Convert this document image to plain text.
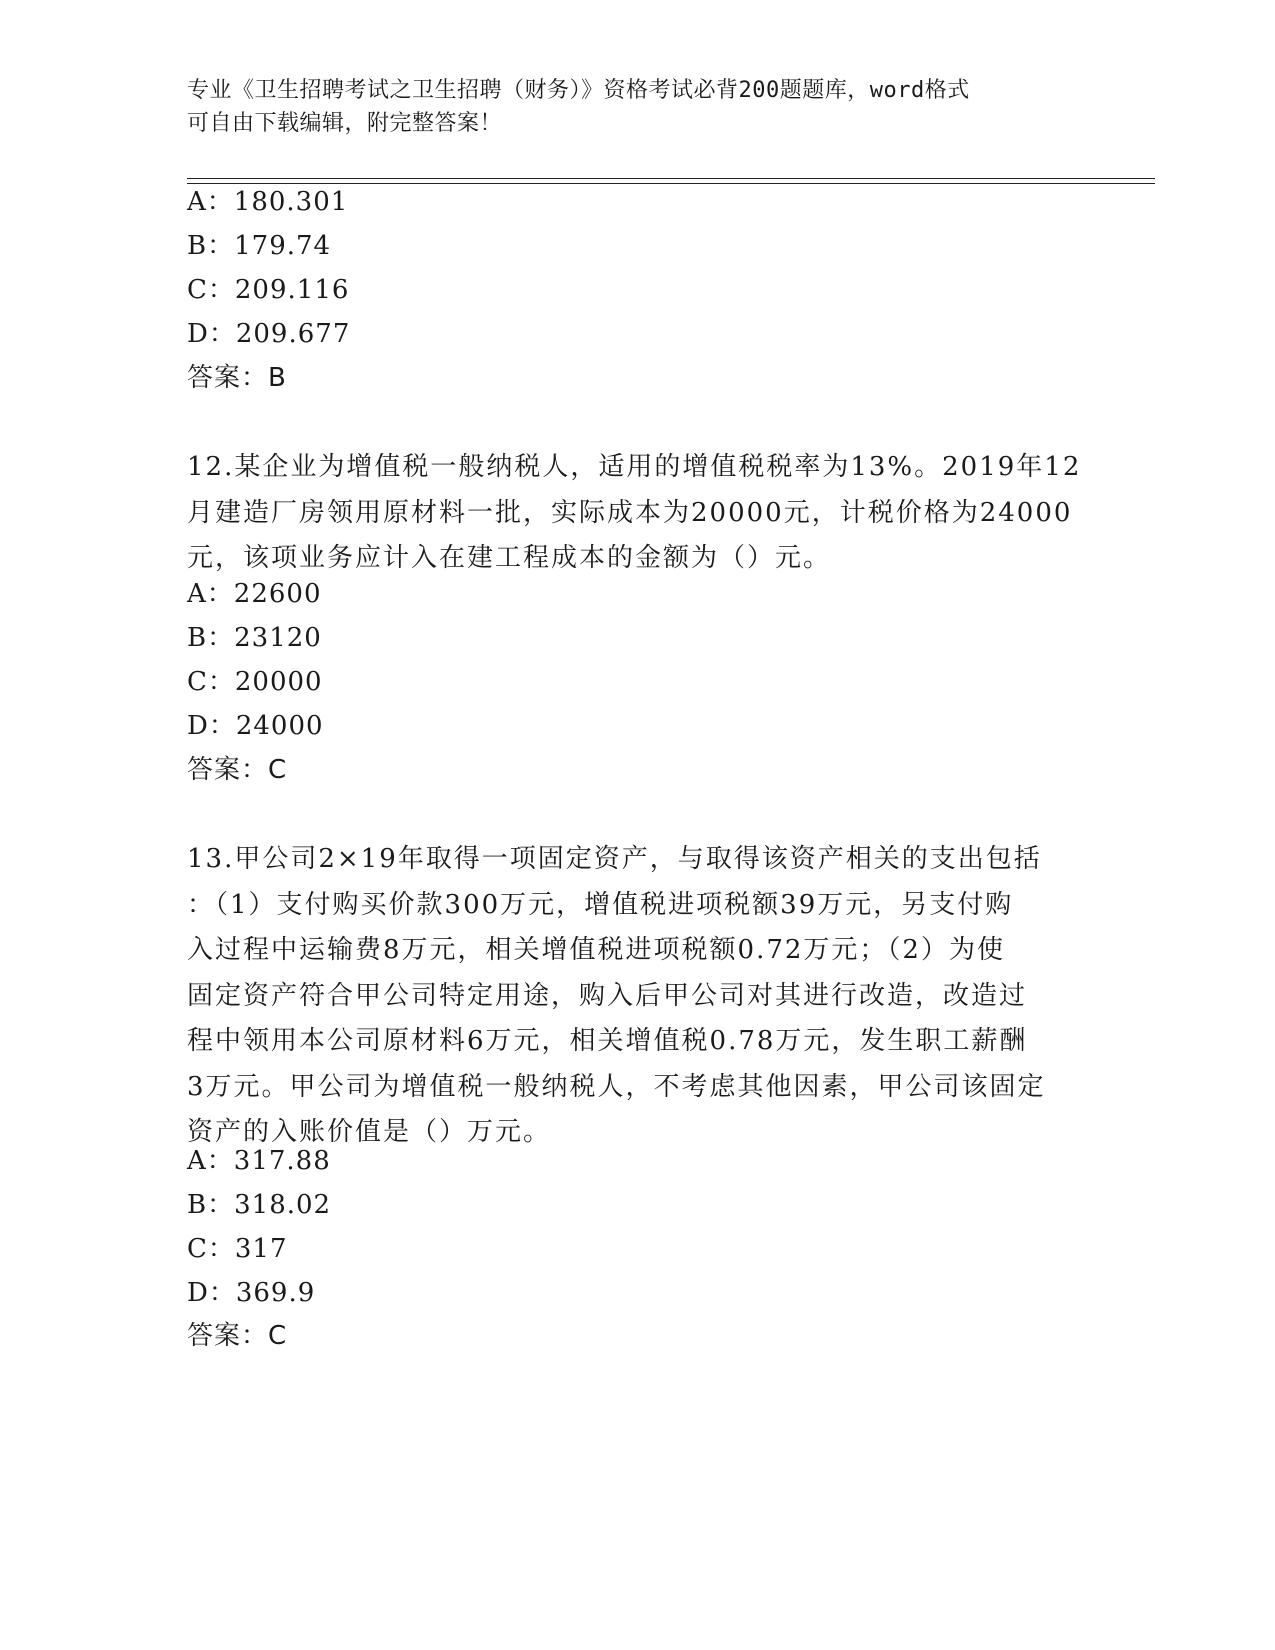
专业《卫生招聘考试之卫生招聘（财务）》资格考试必背200题题库，word格式
可自由下载编辑，附完整答案！
A：180.301
B：179.74
C：209.116
D：209.677
答案：B
12.某企业为增值税一般纳税人，适用的增值税税率为13%。2019年12
月建造厂房领用原材料一批，实际成本为20000元，计税价格为24000
元，该项业务应计入在建工程成本的金额为（）元。
A：22600
B：23120
C：20000
D：24000
答案：C
13.甲公司2×19年取得一项固定资产，与取得该资产相关的支出包括
：（1）支付购买价款300万元，增值税进项税额39万元，另支付购
入过程中运输费8万元，相关增值税进项税额0.72万元；（2）为使
固定资产符合甲公司特定用途，购入后甲公司对其进行改造，改造过
程中领用本公司原材料6万元，相关增值税0.78万元，发生职工薪酬
3万元。甲公司为增值税一般纳税人，不考虑其他因素，甲公司该固定
资产的入账价值是（）万元。
A：317.88
B：318.02
C：317
D：369.9
答案：C
